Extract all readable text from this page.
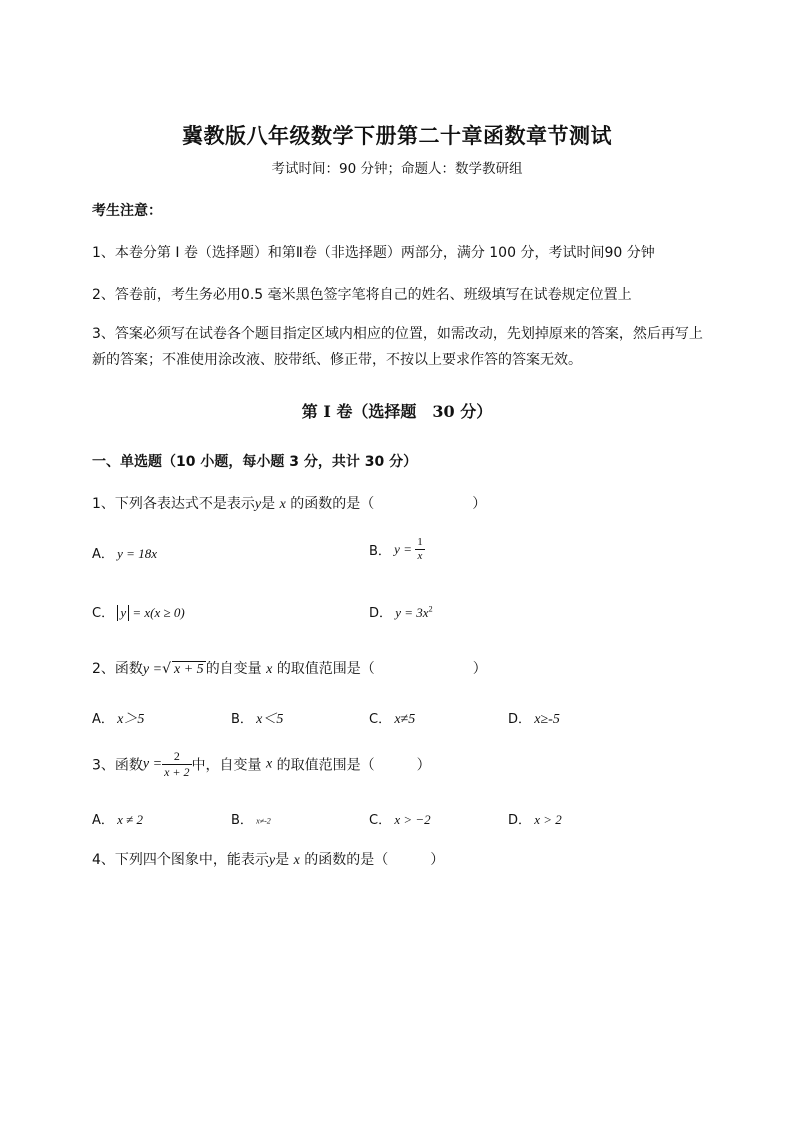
冀教版八年级数学下册第二十章函数章节测试
考试时间：90 分钟；命题人：数学教研组
考生注意：
1、本卷分第 I 卷（选择题）和第Ⅱ卷（非选择题）两部分，满分 100 分，考试时间90 分钟
2、答卷前，考生务必用0.5 毫米黑色签字笔将自己的姓名、班级填写在试卷规定位置上
3、答案必须写在试卷各个题目指定区域内相应的位置，如需改动，先划掉原来的答案，然后再写上新的答案；不准使用涂改液、胶带纸、修正带，不按以上要求作答的答案无效。
第 I 卷（选择题　30 分）
一、单选题（10 小题，每小题 3 分，共计 30 分）
1、下列各表达式不是表示y是 x 的函数的是（　　　　　　　）
A． y = 18x	B． $y = \frac{1}{x}$
C． y = x(x ≥ 0)	D． $y = 3x^2$
2、函数y =√ x + 5 的自变量 x 的取值范围是（　　　　　　　）
A． x＞5	B． x＜5	C． x≠5	D． x≥-5
3、函数$y = \frac{2}{x + 2}$ 中，自变量 x 的取值范围是（　　　）
A． x ≠ 2	B． x≠-2	C． x > −2	D． x > 2
4、下列四个图象中，能表示y是 x 的函数的是（　　　）
